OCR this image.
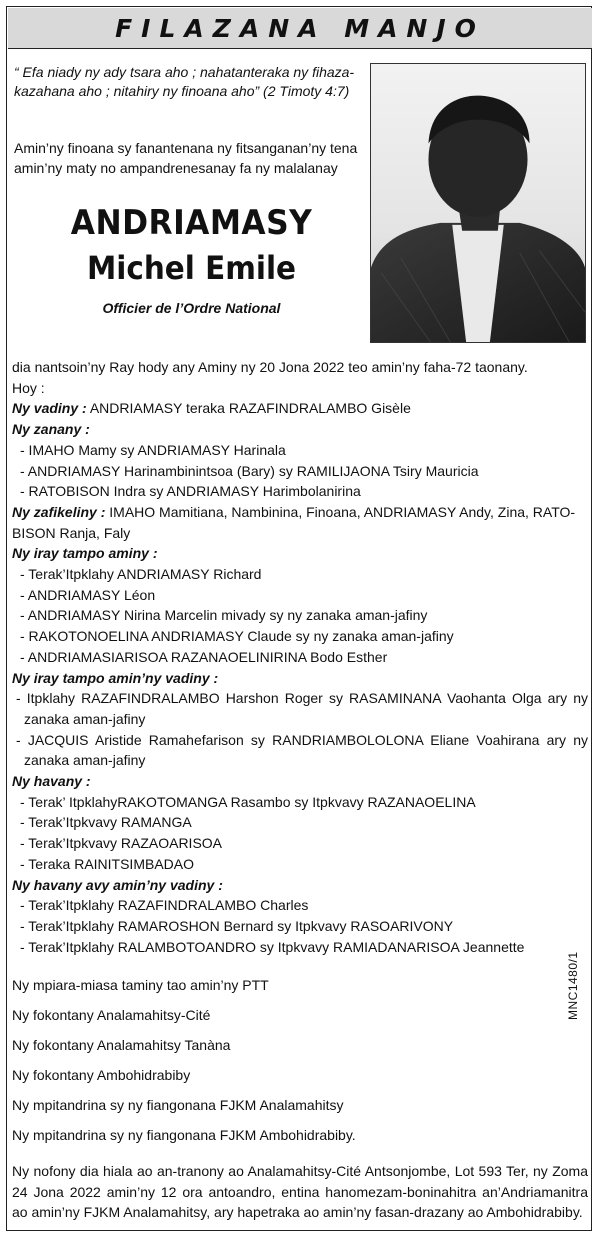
FILAZANA MANJO
“ Efa niady ny ady tsara aho ; nahatanteraka ny fihaza-kazahana aho ; nitahiry ny finoana aho” (2 Timoty 4:7)
Amin’ny finoana sy fanantenana ny fitsanganan’ny tena amin’ny maty no ampandrenesanay fa ny malalanay
ANDRIAMASY
Michel Emile
Officier de l’Ordre National

dia nantsoin’ny Ray hody any Aminy ny 20 Jona 2022 teo amin’ny faha-72 taonany.

Hoy :

Ny vadiny : ANDRIAMASY teraka RAZAFINDRALAMBO Gisèle

Ny zanany :

- IMAHO Mamy sy ANDRIAMASY Harinala

- ANDRIAMASY Harinambinintsoa (Bary) sy RAMILIJAONA Tsiry Mauricia

- RATOBISON Indra sy ANDRIAMASY Harimbolanirina

Ny zafikeliny : IMAHO Mamitiana, Nambinina, Finoana, ANDRIAMASY Andy, Zina, RATO-BISON Ranja, Faly

Ny iray tampo aminy :

- Terak’Itpklahy ANDRIAMASY Richard

- ANDRIAMASY Léon

- ANDRIAMASY Nirina Marcelin mivady sy ny zanaka aman-jafiny

- RAKOTONOELINA ANDRIAMASY Claude sy ny zanaka aman-jafiny

- ANDRIAMASIARISOA RAZANAOELINIRINA Bodo Esther

Ny iray tampo amin’ny vadiny :

- Itpklahy RAZAFINDRALAMBO Harshon Roger sy RASAMINANA Vaohanta Olga ary ny zanaka aman-jafiny

- JACQUIS Aristide Ramahefarison sy RANDRIAMBOLOLONA Eliane Voahirana ary ny zanaka aman-jafiny

Ny havany :

- Terak’ ItpklahyRAKOTOMANGA Rasambo sy Itpkvavy RAZANAOELINA

- Terak’Itpkvavy RAMANGA

- Terak’Itpkvavy RAZAOARISOA

- Teraka RAINITSIMBADAO

Ny havany avy amin’ny vadiny :

- Terak’Itpklahy RAZAFINDRALAMBO Charles

- Terak’Itpklahy RAMAROSHON Bernard sy Itpkvavy RASOARIVONY

- Terak’Itpklahy RALAMBOTOANDRO sy Itpkvavy RAMIADANARISOA Jeannette

Ny mpiara-miasa taminy tao amin’ny PTT

Ny fokontany Analamahitsy-Cité

Ny fokontany Analamahitsy Tanàna

Ny fokontany Ambohidrabiby

Ny mpitandrina sy ny fiangonana FJKM Analamahitsy

Ny mpitandrina sy ny fiangonana FJKM Ambohidrabiby.

MNC1480/1
Ny nofony dia hiala ao an-tranony ao Analamahitsy-Cité Antsonjombe, Lot 593 Ter, ny Zoma 24 Jona 2022 amin’ny 12 ora antoandro, entina hanomezam-boninahitra an’Andriamanitra ao amin’ny FJKM Analamahitsy, ary hapetraka ao amin’ny fasan-drazany ao Ambohidrabiby.
